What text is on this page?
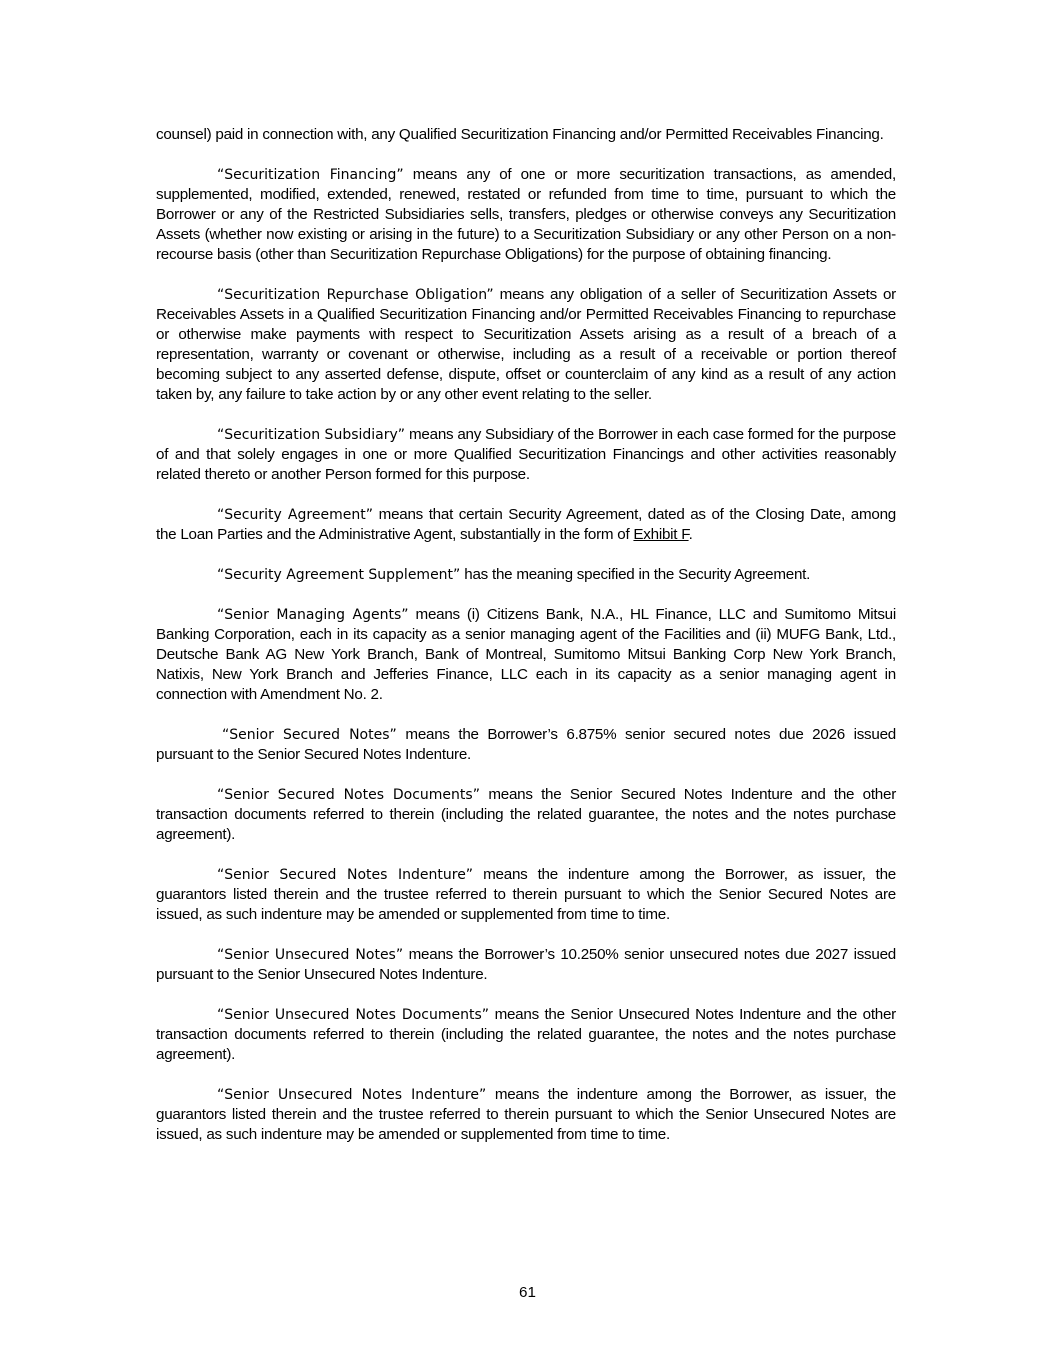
counsel) paid in connection with, any Qualified Securitization Financing and/or Permitted Receivables Financing.

“Securitization Financing” means any of one or more securitization transactions, as amended, supplemented, modified, extended, renewed, restated or refunded from time to time, pursuant to which the Borrower or any of the Restricted Subsidiaries sells, transfers, pledges or otherwise conveys any Securitization Assets (whether now existing or arising in the future) to a Securitization Subsidiary or any other Person on a non-recourse basis (other than Securitization Repurchase Obligations) for the purpose of obtaining financing.

“Securitization Repurchase Obligation” means any obligation of a seller of Securitization Assets or Receivables Assets in a Qualified Securitization Financing and/or Permitted Receivables Financing to repurchase or otherwise make payments with respect to Securitization Assets arising as a result of a breach of a representation, warranty or covenant or otherwise, including as a result of a receivable or portion thereof becoming subject to any asserted defense, dispute, offset or counterclaim of any kind as a result of any action taken by, any failure to take action by or any other event relating to the seller.

“Securitization Subsidiary” means any Subsidiary of the Borrower in each case formed for the purpose of and that solely engages in one or more Qualified Securitization Financings and other activities reasonably related thereto or another Person formed for this purpose.

“Security Agreement” means that certain Security Agreement, dated as of the Closing Date, among the Loan Parties and the Administrative Agent, substantially in the form of Exhibit F.

“Security Agreement Supplement” has the meaning specified in the Security Agreement.

“Senior Managing Agents” means (i) Citizens Bank, N.A., HL Finance, LLC and Sumitomo Mitsui Banking Corporation, each in its capacity as a senior managing agent of the Facilities and (ii) MUFG Bank, Ltd., Deutsche Bank AG New York Branch, Bank of Montreal, Sumitomo Mitsui Banking Corp New York Branch, Natixis, New York Branch and Jefferies Finance, LLC each in its capacity as a senior managing agent in connection with Amendment No. 2.

“Senior Secured Notes” means the Borrower’s 6.875% senior secured notes due 2026 issued pursuant to the Senior Secured Notes Indenture.

“Senior Secured Notes Documents” means the Senior Secured Notes Indenture and the other transaction documents referred to therein (including the related guarantee, the notes and the notes purchase agreement).

“Senior Secured Notes Indenture” means the indenture among the Borrower, as issuer, the guarantors listed therein and the trustee referred to therein pursuant to which the Senior Secured Notes are issued, as such indenture may be amended or supplemented from time to time.

“Senior Unsecured Notes” means the Borrower’s 10.250% senior unsecured notes due 2027 issued pursuant to the Senior Unsecured Notes Indenture.

“Senior Unsecured Notes Documents” means the Senior Unsecured Notes Indenture and the other transaction documents referred to therein (including the related guarantee, the notes and the notes purchase agreement).

“Senior Unsecured Notes Indenture” means the indenture among the Borrower, as issuer, the guarantors listed therein and the trustee referred to therein pursuant to which the Senior Unsecured Notes are issued, as such indenture may be amended or supplemented from time to time.

61
